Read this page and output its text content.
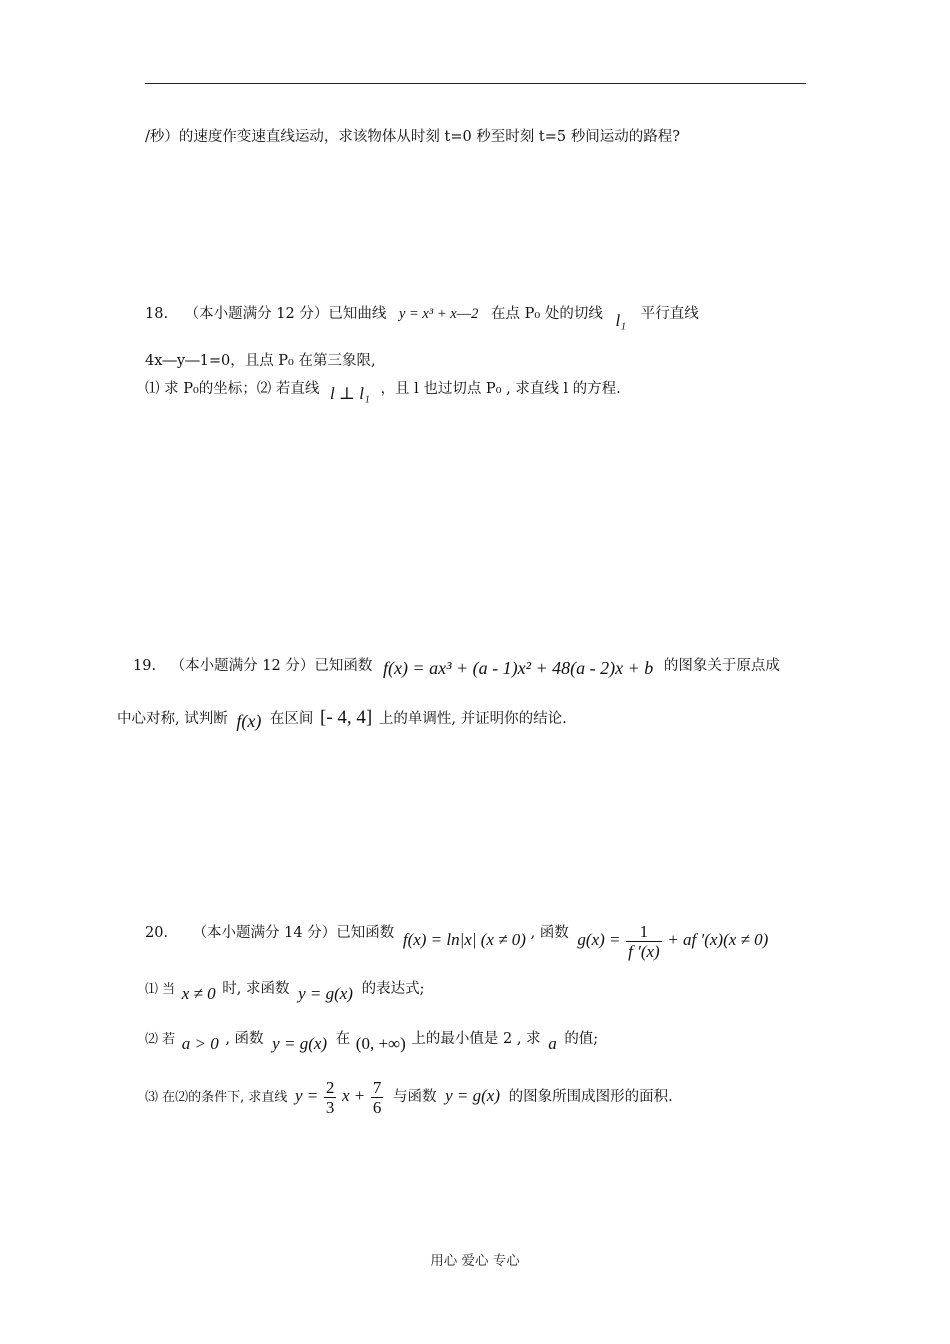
/秒）的速度作变速直线运动，求该物体从时刻 t=0 秒至时刻 t=5 秒间运动的路程?
18. （本小题满分 12 分）已知曲线 y = x³ + x―2 在点 P₀ 处的切线 l₁ 平行直线
4x―y―1=0，且点 P₀ 在第三象限,
⑴ 求 P₀的坐标；⑵ 若直线 l ⊥ l₁ ，且 l 也过切点 P₀ , 求直线 l 的方程.
19. （本小题满分 12 分）已知函数 f(x) = ax³ + (a - 1)x² + 48(a - 2)x + b 的图象关于原点成
中心对称, 试判断 f(x) 在区间 [- 4, 4] 上的单调性, 并证明你的结论.
20． （本小题满分 14 分）已知函数 f(x) = ln|x| (x ≠ 0) , 函数 $g(x) = \frac{1}{f '(x)}$ + af ′(x)(x ≠ 0)
⑴ 当 x ≠ 0 时, 求函数 y = g(x) 的表达式;
⑵ 若 a > 0 , 函数 y = g(x) 在 (0, +∞) 上的最小值是 2 , 求 a 的值;
⑶ 在⑵的条件下, 求直线 $y = \frac{2}{3}$ $x + \frac{7}{6}$ 与函数 y = g(x) 的图象所围成图形的面积.
用心 爱心 专心
